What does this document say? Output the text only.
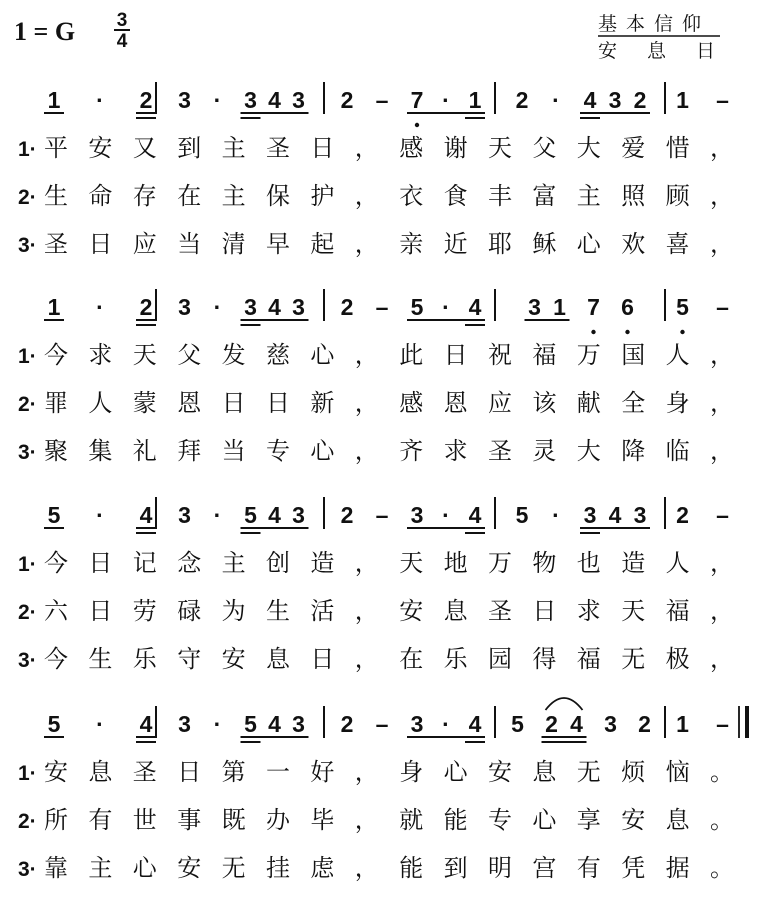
1 = G 3
4
基本信仰
安息日
1 · 2 3 · 3 4 3 2 – 7 · 1 2 · 4 3 2 1 –
1· 平 安 又 到 主 圣 日 ， 感 谢 天 父 大 爱 惜 ，
2· 生 命 存 在 主 保 护 ， 衣 食 丰 富 主 照 顾 ，
3· 圣 日 应 当 清 早 起 ， 亲 近 耶 稣 心 欢 喜 ，
1 · 2 3 · 3 4 3 2 – 5 · 4 3 1 7 6 5 –
1· 今 求 天 父 发 慈 心 ， 此 日 祝 福 万 国 人 ，
2· 罪 人 蒙 恩 日 日 新 ， 感 恩 应 该 献 全 身 ，
3· 聚 集 礼 拜 当 专 心 ， 齐 求 圣 灵 大 降 临 ，
5 · 4 3 · 5 4 3 2 – 3 · 4 5 · 3 4 3 2 –
1· 今 日 记 念 主 创 造 ， 天 地 万 物 也 造 人 ，
2· 六 日 劳 碌 为 生 活 ， 安 息 圣 日 求 天 福 ，
3· 今 生 乐 守 安 息 日 ， 在 乐 园 得 福 无 极 ，
5 · 4 3 · 5 4 3 2 – 3 · 4 5 2 4 3 2 1 –
1· 安 息 圣 日 第 一 好 ， 身 心 安 息 无 烦 恼 。
2· 所 有 世 事 既 办 毕 ， 就 能 专 心 享 安 息 。
3· 靠 主 心 安 无 挂 虑 ， 能 到 明 宫 有 凭 据 。
